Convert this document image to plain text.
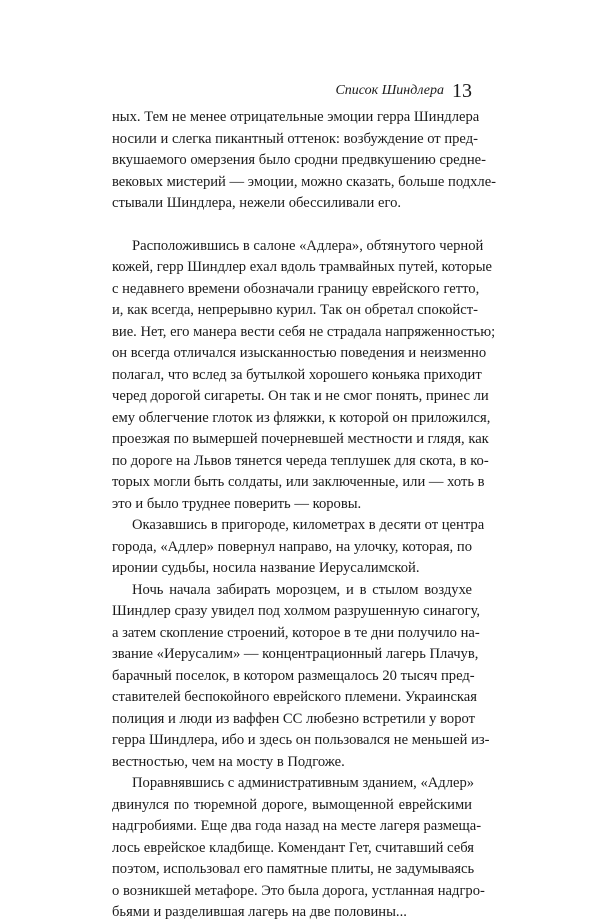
Список Шиндлера 13
ных. Тем не менее отрицательные эмоции герра Шиндлера
носили и слегка пикантный оттенок: возбуждение от пред-
вкушаемого омерзения было сродни предвкушению средне-
вековых мистерий — эмоции, можно сказать, больше подхле-
стывали Шиндлера, нежели обессиливали его.
Расположившись в салоне «Адлера», обтянутого черной
кожей, герр Шиндлер ехал вдоль трамвайных путей, которые
с недавнего времени обозначали границу еврейского гетто,
и, как всегда, непрерывно курил. Так он обретал спокойст-
вие. Нет, его манера вести себя не страдала напряженностью;
он всегда отличался изысканностью поведения и неизменно
полагал, что вслед за бутылкой хорошего коньяка приходит
черед дорогой сигареты. Он так и не смог понять, принес ли
ему облегчение глоток из фляжки, к которой он приложился,
проезжая по вымершей почерневшей местности и глядя, как
по дороге на Львов тянется череда теплушек для скота, в ко-
торых могли быть солдаты, или заключенные, или — хоть в
это и было труднее поверить — коровы.
Оказавшись в пригороде, километрах в десяти от центра
города, «Адлер» повернул направо, на улочку, которая, по
иронии судьбы, носила название Иерусалимской.
Ночь начала забирать морозцем, и в стылом воздухе
Шиндлер сразу увидел под холмом разрушенную синагогу,
а затем скопление строений, которое в те дни получило на-
звание «Иерусалим» — концентрационный лагерь Плачув,
барачный поселок, в котором размещалось 20 тысяч пред-
ставителей беспокойного еврейского племени. Украинская
полиция и люди из ваффен СС любезно встретили у ворот
герра Шиндлера, ибо и здесь он пользовался не меньшей из-
вестностью, чем на мосту в Подгоже.
Поравнявшись с административным зданием, «Адлер»
двинулся по тюремной дороге, вымощенной еврейскими
надгробиями. Еще два года назад на месте лагеря размеща-
лось еврейское кладбище. Комендант Гет, считавший себя
поэтом, использовал его памятные плиты, не задумываясь
о возникшей метафоре. Это была дорога, устланная надгро-
бьями и разделившая лагерь на две половины...
